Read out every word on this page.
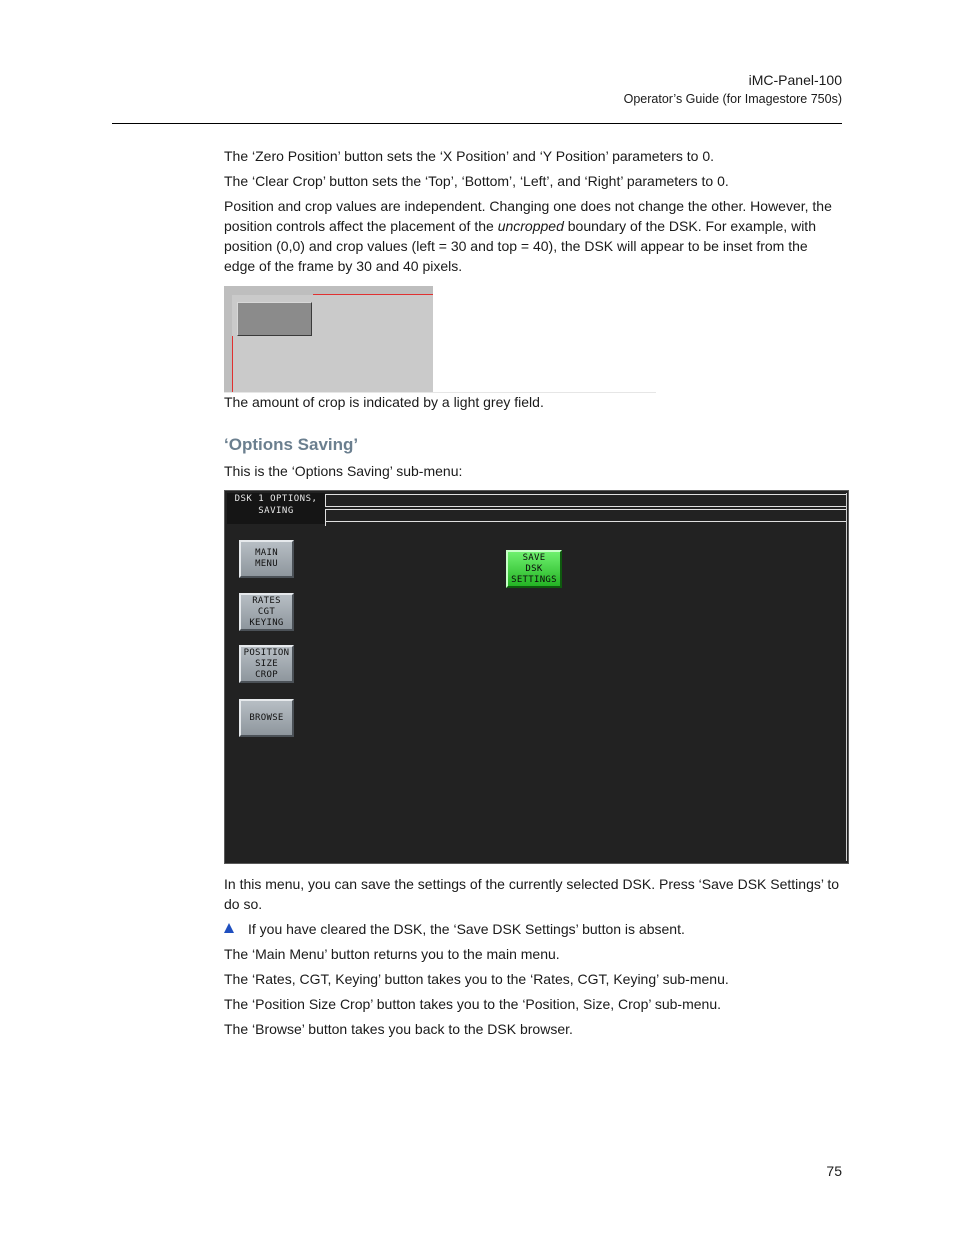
iMC-Panel-100
Operator’s Guide (for Imagestore 750s)

The ‘Zero Position’ button sets the ‘X Position’ and ‘Y Position’ parameters to 0.

The ‘Clear Crop’ button sets the ‘Top’, ‘Bottom’, ‘Left’, and ‘Right’ parameters to 0.

Position and crop values are independent. Changing one does not change the other. However, the position controls affect the placement of the uncropped boundary of the DSK. For example, with position (0,0) and crop values (left = 30 and top = 40), the DSK will appear to be inset from the edge of the frame by 30 and 40 pixels.

The amount of crop is indicated by a light grey field.

‘Options Saving’

This is the ‘Options Saving’ sub-menu:

DSK 1 OPTIONS,
SAVING
MAIN
MENU
RATES
CGT
KEYING
POSITION
SIZE
CROP
BROWSE
SAVE
DSK
SETTINGS

In this menu, you can save the settings of the currently selected DSK. Press ‘Save DSK Settings’ to do so.

If you have cleared the DSK, the ‘Save DSK Settings’ button is absent.

The ‘Main Menu’ button returns you to the main menu.

The ‘Rates, CGT, Keying’ button takes you to the ‘Rates, CGT, Keying’ sub-menu.

The ‘Position Size Crop’ button takes you to the ‘Position, Size, Crop’ sub-menu.

The ‘Browse’ button takes you back to the DSK browser.

75
